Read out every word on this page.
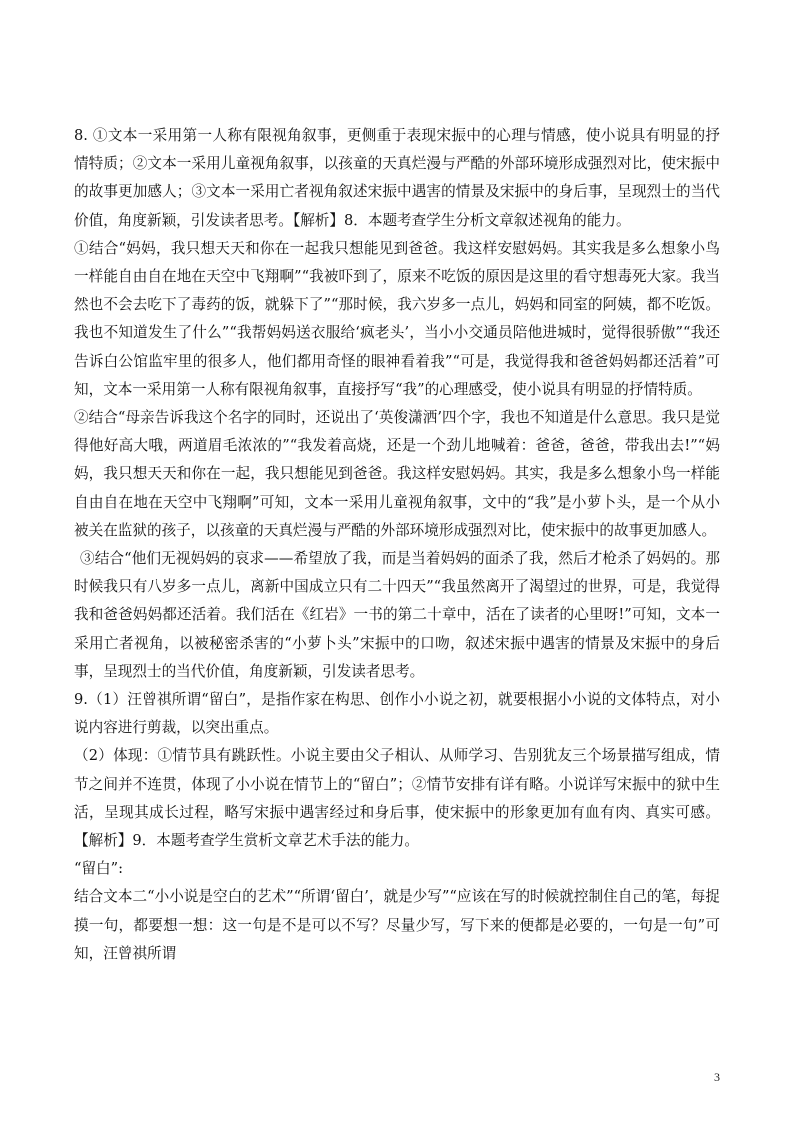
8. ①文本一采用第一人称有限视角叙事，更侧重于表现宋振中的心理与情感，使小说具有明显的抒情特质；②文本一采用儿童视角叙事，以孩童的天真烂漫与严酷的外部环境形成强烈对比，使宋振中的故事更加感人；③文本一采用亡者视角叙述宋振中遇害的情景及宋振中的身后事，呈现烈士的当代价值，角度新颖，引发读者思考。【解析】8．本题考查学生分析文章叙述视角的能力。

①结合“妈妈，我只想天天和你在一起我只想能见到爸爸。我这样安慰妈妈。其实我是多么想象小鸟一样能自由自在地在天空中飞翔啊”“我被吓到了，原来不吃饭的原因是这里的看守想毒死大家。我当然也不会去吃下了毒药的饭，就躲下了”“那时候，我六岁多一点儿，妈妈和同室的阿姨，都不吃饭。我也不知道发生了什么”“我帮妈妈送衣服给‘疯老头’，当小小交通员陪他进城时，觉得很骄傲”“我还告诉白公馆监牢里的很多人，他们都用奇怪的眼神看着我”“可是，我觉得我和爸爸妈妈都还活着”可知，文本一采用第一人称有限视角叙事，直接抒写“我”的心理感受，使小说具有明显的抒情特质。

②结合“母亲告诉我这个名字的同时，还说出了‘英俊潇洒’四个字，我也不知道是什么意思。我只是觉得他好高大哦，两道眉毛浓浓的”“我发着高烧，还是一个劲儿地喊着：爸爸，爸爸，带我出去!”“妈妈，我只想天天和你在一起，我只想能见到爸爸。我这样安慰妈妈。其实，我是多么想象小鸟一样能自由自在地在天空中飞翔啊”可知，文本一采用儿童视角叙事，文中的“我”是小萝卜头，是一个从小被关在监狱的孩子，以孩童的天真烂漫与严酷的外部环境形成强烈对比，使宋振中的故事更加感人。

③结合“他们无视妈妈的哀求——希望放了我，而是当着妈妈的面杀了我，然后才枪杀了妈妈的。那时候我只有八岁多一点儿，离新中国成立只有二十四天”“我虽然离开了渴望过的世界，可是，我觉得我和爸爸妈妈都还活着。我们活在《红岩》一书的第二十章中，活在了读者的心里呀!”可知，文本一采用亡者视角，以被秘密杀害的“小萝卜头”宋振中的口吻，叙述宋振中遇害的情景及宋振中的身后事，呈现烈士的当代价值，角度新颖，引发读者思考。

9.（1）汪曾祺所谓“留白”，是指作家在构思、创作小小说之初，就要根据小小说的文体特点，对小说内容进行剪裁，以突出重点。

（2）体现：①情节具有跳跃性。小说主要由父子相认、从师学习、告别犹友三个场景描写组成，情节之间并不连贯，体现了小小说在情节上的“留白”；②情节安排有详有略。小说详写宋振中的狱中生活，呈现其成长过程，略写宋振中遇害经过和身后事，使宋振中的形象更加有血有肉、真实可感。【解析】9．本题考查学生赏析文章艺术手法的能力。

“留白”:

结合文本二“小小说是空白的艺术”“所谓‘留白’，就是少写”“应该在写的时候就控制住自己的笔，每捉摸一句，都要想一想：这一句是不是可以不写？尽量少写，写下来的便都是必要的，一句是一句”可知，汪曾祺所谓

3
